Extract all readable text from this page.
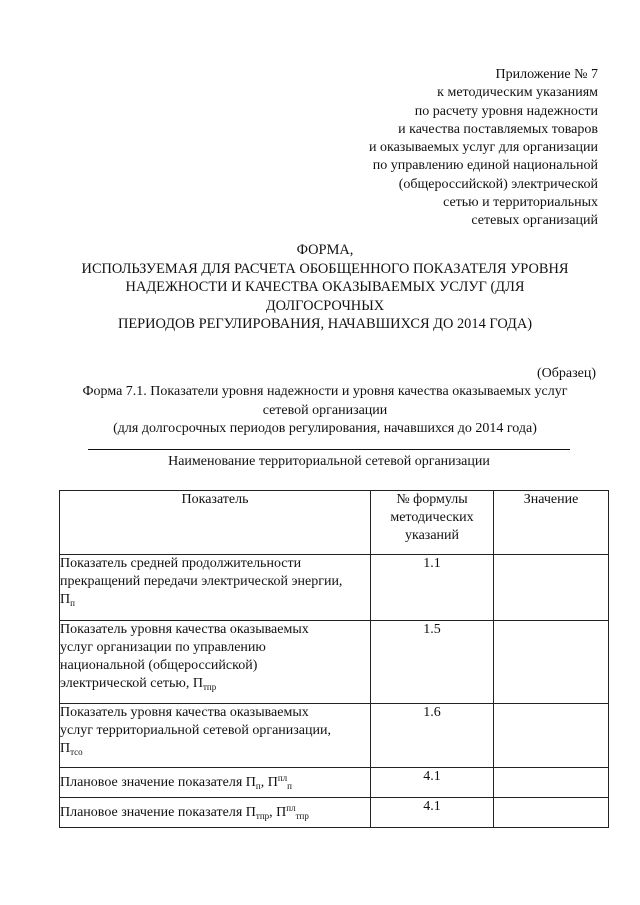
Приложение № 7
к методическим указаниям
по расчету уровня надежности
и качества поставляемых товаров
и оказываемых услуг для организации
по управлению единой национальной
(общероссийской) электрической
сетью и территориальных
сетевых организаций
ФОРМА,
ИСПОЛЬЗУЕМАЯ ДЛЯ РАСЧЕТА ОБОБЩЕННОГО ПОКАЗАТЕЛЯ УРОВНЯ
НАДЕЖНОСТИ И КАЧЕСТВА ОКАЗЫВАЕМЫХ УСЛУГ (ДЛЯ
ДОЛГОСРОЧНЫХ
ПЕРИОДОВ РЕГУЛИРОВАНИЯ, НАЧАВШИХСЯ ДО 2014 ГОДА)
(Образец)
Форма 7.1. Показатели уровня надежности и уровня качества оказываемых услуг
сетевой организации
(для долгосрочных периодов регулирования, начавшихся до 2014 года)
Наименование территориальной сетевой организации
Показатель	№ формулы
методических
указаний	Значение

Показатель средней продолжительности
прекращений передачи электрической энергии,
$П_п$	1.1	

Показатель уровня качества оказываемых
услуг организации по управлению
национальной (общероссийской)
электрической сетью, $П_{тпр}$	1.5	

Показатель уровня качества оказываемых
услуг территориальной сетевой организации,
$П_{тсо}$	1.6	
Плановое значение показателя $П_п$, $П^{пл}_п$	4.1	
Плановое значение показателя $П_{тпр}$, $П^{пл}_{тпр}$	4.1	
